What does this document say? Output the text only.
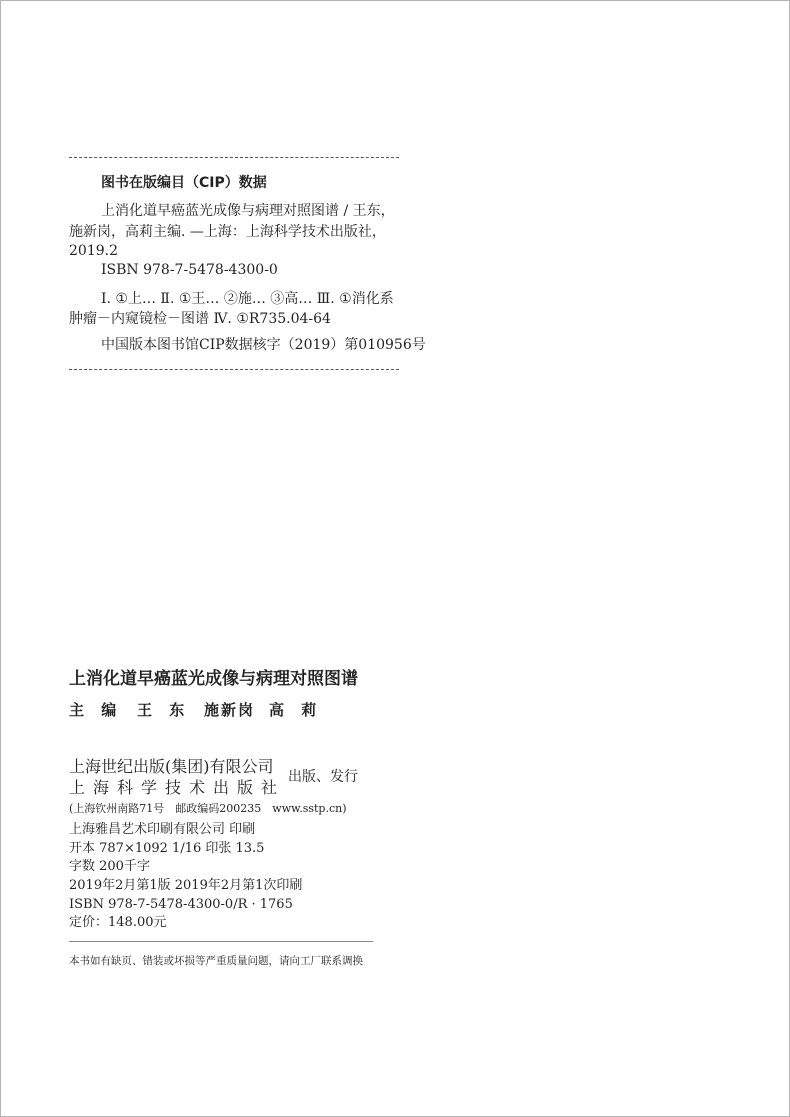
图书在版编目（CIP）数据
上消化道早癌蓝光成像与病理对照图谱 / 王东，
施新岗，高莉主编. —上海：上海科学技术出版社，
2019.2
ISBN 978-7-5478-4300-0
Ⅰ. ①上… Ⅱ. ①王… ②施… ③高… Ⅲ. ①消化系
肿瘤－内窥镜检－图谱 Ⅳ. ①R735.04-64
中国版本图书馆CIP数据核字（2019）第010956号
上消化道早癌蓝光成像与病理对照图谱
主 编 王 东 施新岗 高 莉
上海世纪出版(集团)有限公司
上 海 科 学 技 术 出 版 社
出版、发行
(上海钦州南路71号　邮政编码200235　www.sstp.cn)
上海雅昌艺术印刷有限公司 印刷
开本 787×1092 1/16 印张 13.5
字数 200千字
2019年2月第1版 2019年2月第1次印刷
ISBN 978-7-5478-4300-0/R · 1765
定价：148.00元
本书如有缺页、错装或坏损等严重质量问题，请向工厂联系调换
